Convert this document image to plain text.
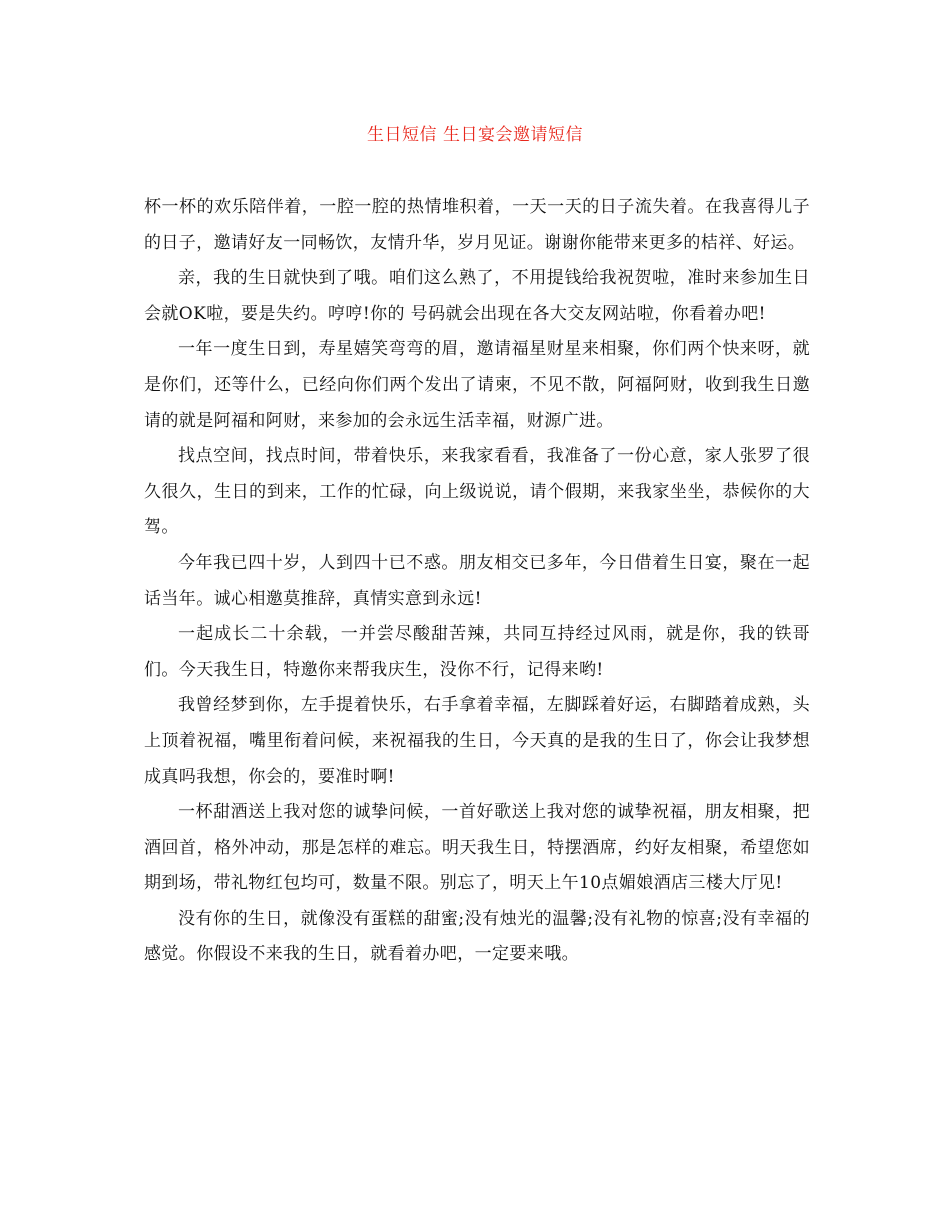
生日短信 生日宴会邀请短信

杯一杯的欢乐陪伴着，一腔一腔的热情堆积着，一天一天的日子流失着。在我喜得儿子的日子，邀请好友一同畅饮，友情升华，岁月见证。谢谢你能带来更多的桔祥、好运。

亲，我的生日就快到了哦。咱们这么熟了，不用提钱给我祝贺啦，准时来参加生日会就OK啦，要是失约。哼哼!你的 号码就会出现在各大交友网站啦，你看着办吧!

一年一度生日到，寿星嬉笑弯弯的眉，邀请福星财星来相聚，你们两个快来呀，就是你们，还等什么，已经向你们两个发出了请柬，不见不散，阿福阿财，收到我生日邀请的就是阿福和阿财，来参加的会永远生活幸福，财源广进。

找点空间，找点时间，带着快乐，来我家看看，我准备了一份心意，家人张罗了很久很久，生日的到来，工作的忙碌，向上级说说，请个假期，来我家坐坐，恭候你的大驾。

今年我已四十岁，人到四十已不惑。朋友相交已多年，今日借着生日宴，聚在一起话当年。诚心相邀莫推辞，真情实意到永远!

一起成长二十余载，一并尝尽酸甜苦辣，共同互持经过风雨，就是你，我的铁哥们。今天我生日，特邀你来帮我庆生，没你不行，记得来哟!

我曾经梦到你，左手提着快乐，右手拿着幸福，左脚踩着好运，右脚踏着成熟，头上顶着祝福，嘴里衔着问候，来祝福我的生日，今天真的是我的生日了，你会让我梦想成真吗我想，你会的，要准时啊!

一杯甜酒送上我对您的诚挚问候，一首好歌送上我对您的诚挚祝福，朋友相聚，把酒回首，格外冲动，那是怎样的难忘。明天我生日，特摆酒席，约好友相聚，希望您如期到场，带礼物红包均可，数量不限。别忘了，明天上午10点媚娘酒店三楼大厅见!

没有你的生日，就像没有蛋糕的甜蜜;没有烛光的温馨;没有礼物的惊喜;没有幸福的感觉。你假设不来我的生日，就看着办吧，一定要来哦。
